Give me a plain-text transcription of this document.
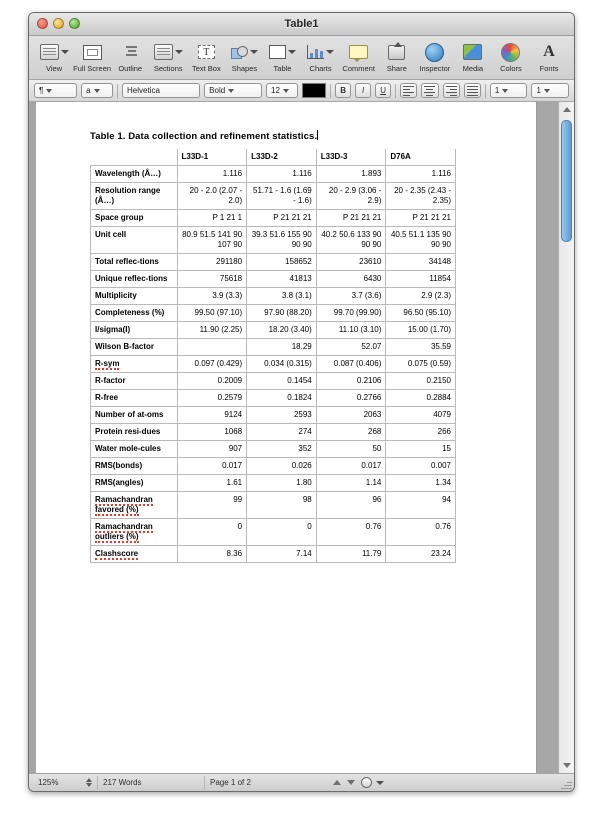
Table1
View	Full Screen Outline	Sections
T
Text Box	Shapes	Table	Charts	Comment	Share	Inspector	Media	Colors
A
Fonts
¶	a	Helvetica	Bold	12	B	I	U	1	1

Table 1. Data collection and refinement statistics.

	L33D-1	L33D-2	L33D-3	D76A
Wavelength (Å…)	1.116	1.116	1.893	1.116
Resolution range (Å…)	20 - 2.0 (2.07 - 2.0)	51.71 - 1.6 (1.69 - 1.6)	20 - 2.9 (3.06 - 2.9)	20 - 2.35 (2.43 - 2.35)
Space group	P 1 21 1	P 21 21 21	P 21 21 21	P 21 21 21
Unit cell	80.9 51.5 141 90 107 90	39.3 51.6 155 90 90 90	40.2 50.6 133 90 90 90	40.5 51.1 135 90 90 90
Total reflec-tions	291180	158652	23610	34148
Unique reflec-tions	75618	41813	6430	11854
Multiplicity	3.9 (3.3)	3.8 (3.1)	3.7 (3.6)	2.9 (2.3)
Completeness (%)	99.50 (97.10)	97.90 (88.20)	99.70 (99.90)	96.50 (95.10)
I/sigma(I)	11.90 (2.25)	18.20 (3.40)	11.10 (3.10)	15.00 (1.70)
Wilson B-factor		18.29	52.07	35.59
R-sym	0.097 (0.429)	0.034 (0.315)	0.087 (0.406)	0.075 (0.59)
R-factor	0.2009	0.1454	0.2106	0.2150
R-free	0.2579	0.1824	0.2766	0.2884
Number of at-oms	9124	2593	2063	4079
Protein resi-dues	1068	274	268	266
Water mole-cules	907	352	50	15
RMS(bonds)	0.017	0.026	0.017	0.007
RMS(angles)	1.61	1.80	1.14	1.34
Ramachandran favored (%)	99	98	96	94
Ramachandran outliers (%)	0	0	0.76	0.76
Clashscore	8.36	7.14	11.79	23.24
125%	217 Words	Page 1 of 2
